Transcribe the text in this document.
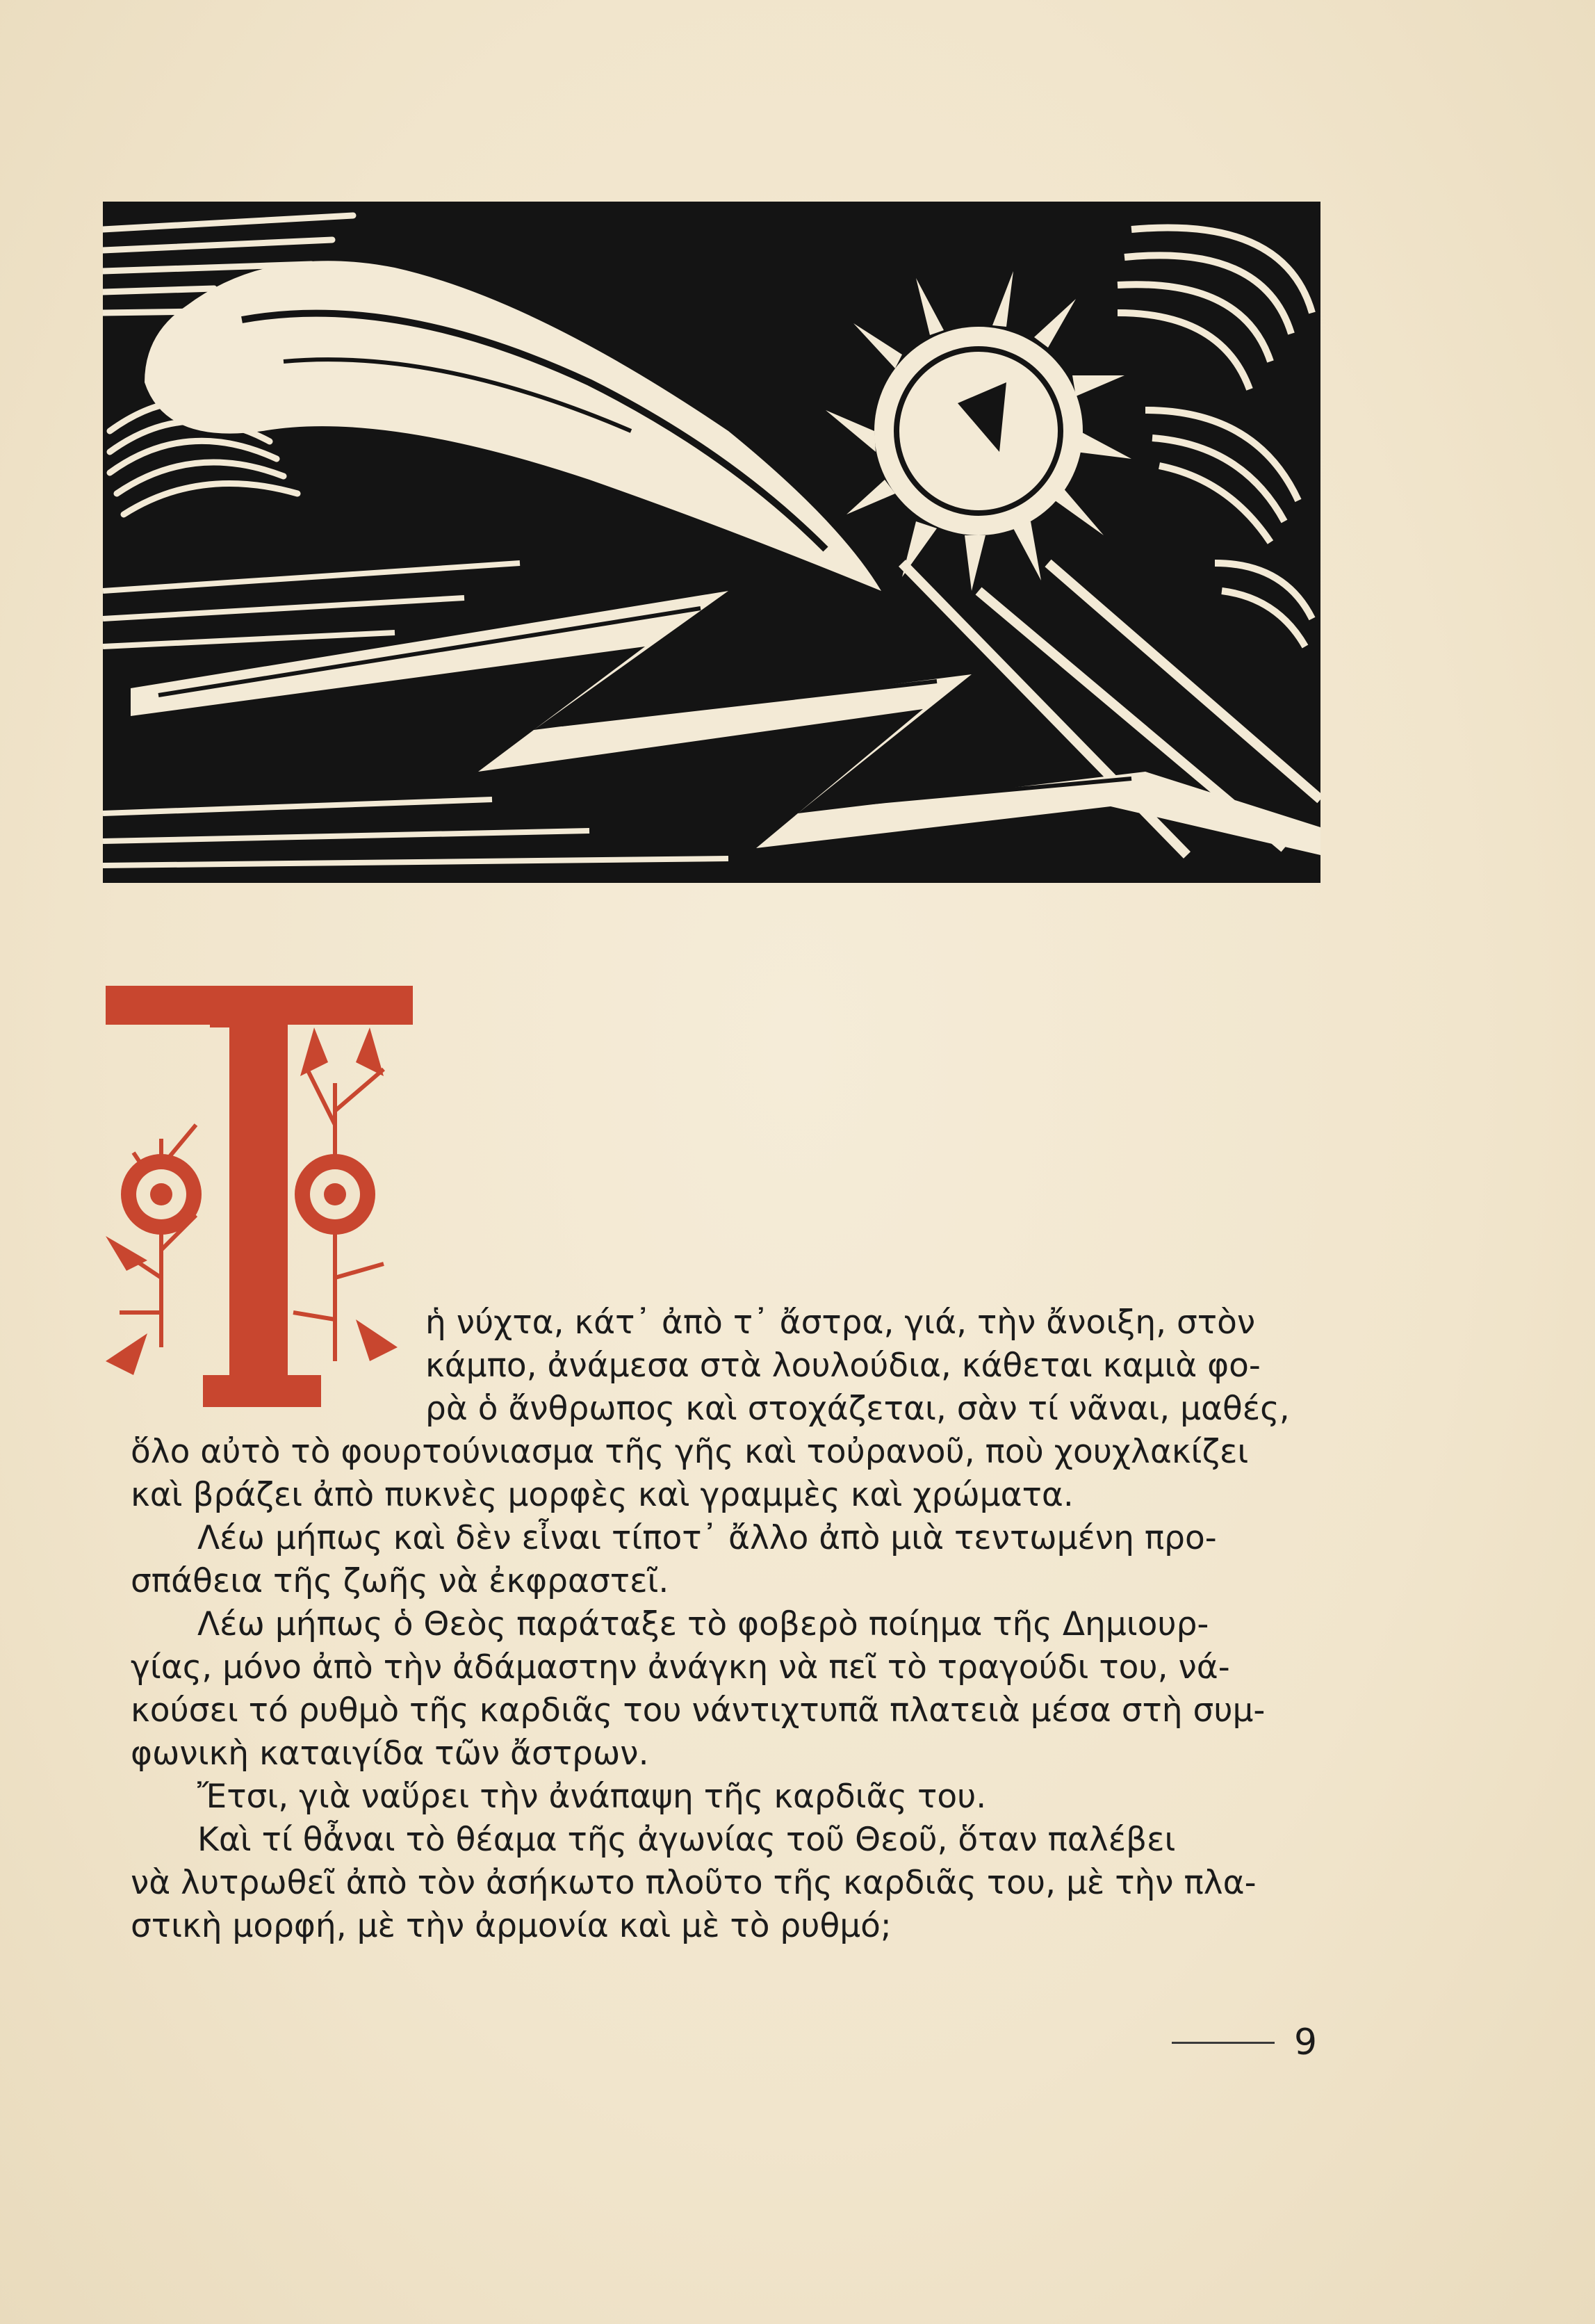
ἡ νύχτα, κάτ᾿ ἀπὸ τ᾿ ἄστρα, γιά, τὴν ἄνοιξη, στὸν

κάμπο, ἀνάμεσα στὰ λουλούδια, κάθεται καμιὰ φο-

ρὰ ὁ ἄνθρωπος καὶ στοχάζεται, σὰν τί νᾶναι, μαθές,

ὅλο αὐτὸ τὸ φουρτούνιασμα τῆς γῆς καὶ τοὐρανοῦ, ποὺ χουχλακίζει

καὶ βράζει ἀπὸ πυκνὲς μορφὲς καὶ γραμμὲς καὶ χρώματα.

Λέω μήπως καὶ δὲν εἶναι τίποτ᾿ ἄλλο ἀπὸ μιὰ τεντωμένη προ-

σπάθεια τῆς ζωῆς νὰ ἐκφραστεῖ.

Λέω μήπως ὁ Θεὸς παράταξε τὸ φοβερὸ ποίημα τῆς Δημιουρ-

γίας, μόνο ἀπὸ τὴν ἀδάμαστην ἀνάγκη νὰ πεῖ τὸ τραγούδι του, νά-

κούσει τό ρυθμὸ τῆς καρδιᾶς του νάντιχτυπᾶ πλατειὰ μέσα στὴ συμ-

φωνικὴ καταιγίδα τῶν ἄστρων.

Ἔτσι, γιὰ ναὕρει τὴν ἀνάπαψη τῆς καρδιᾶς του.

Καὶ τί θἆναι τὸ θέαμα τῆς ἀγωνίας τοῦ Θεοῦ, ὅταν παλέβει

νὰ λυτρωθεῖ ἀπὸ τὸν ἀσήκωτο πλοῦτο τῆς καρδιᾶς του, μὲ τὴν πλα-

στικὴ μορφή, μὲ τὴν ἀρμονία καὶ μὲ τὸ ρυθμό;

9
